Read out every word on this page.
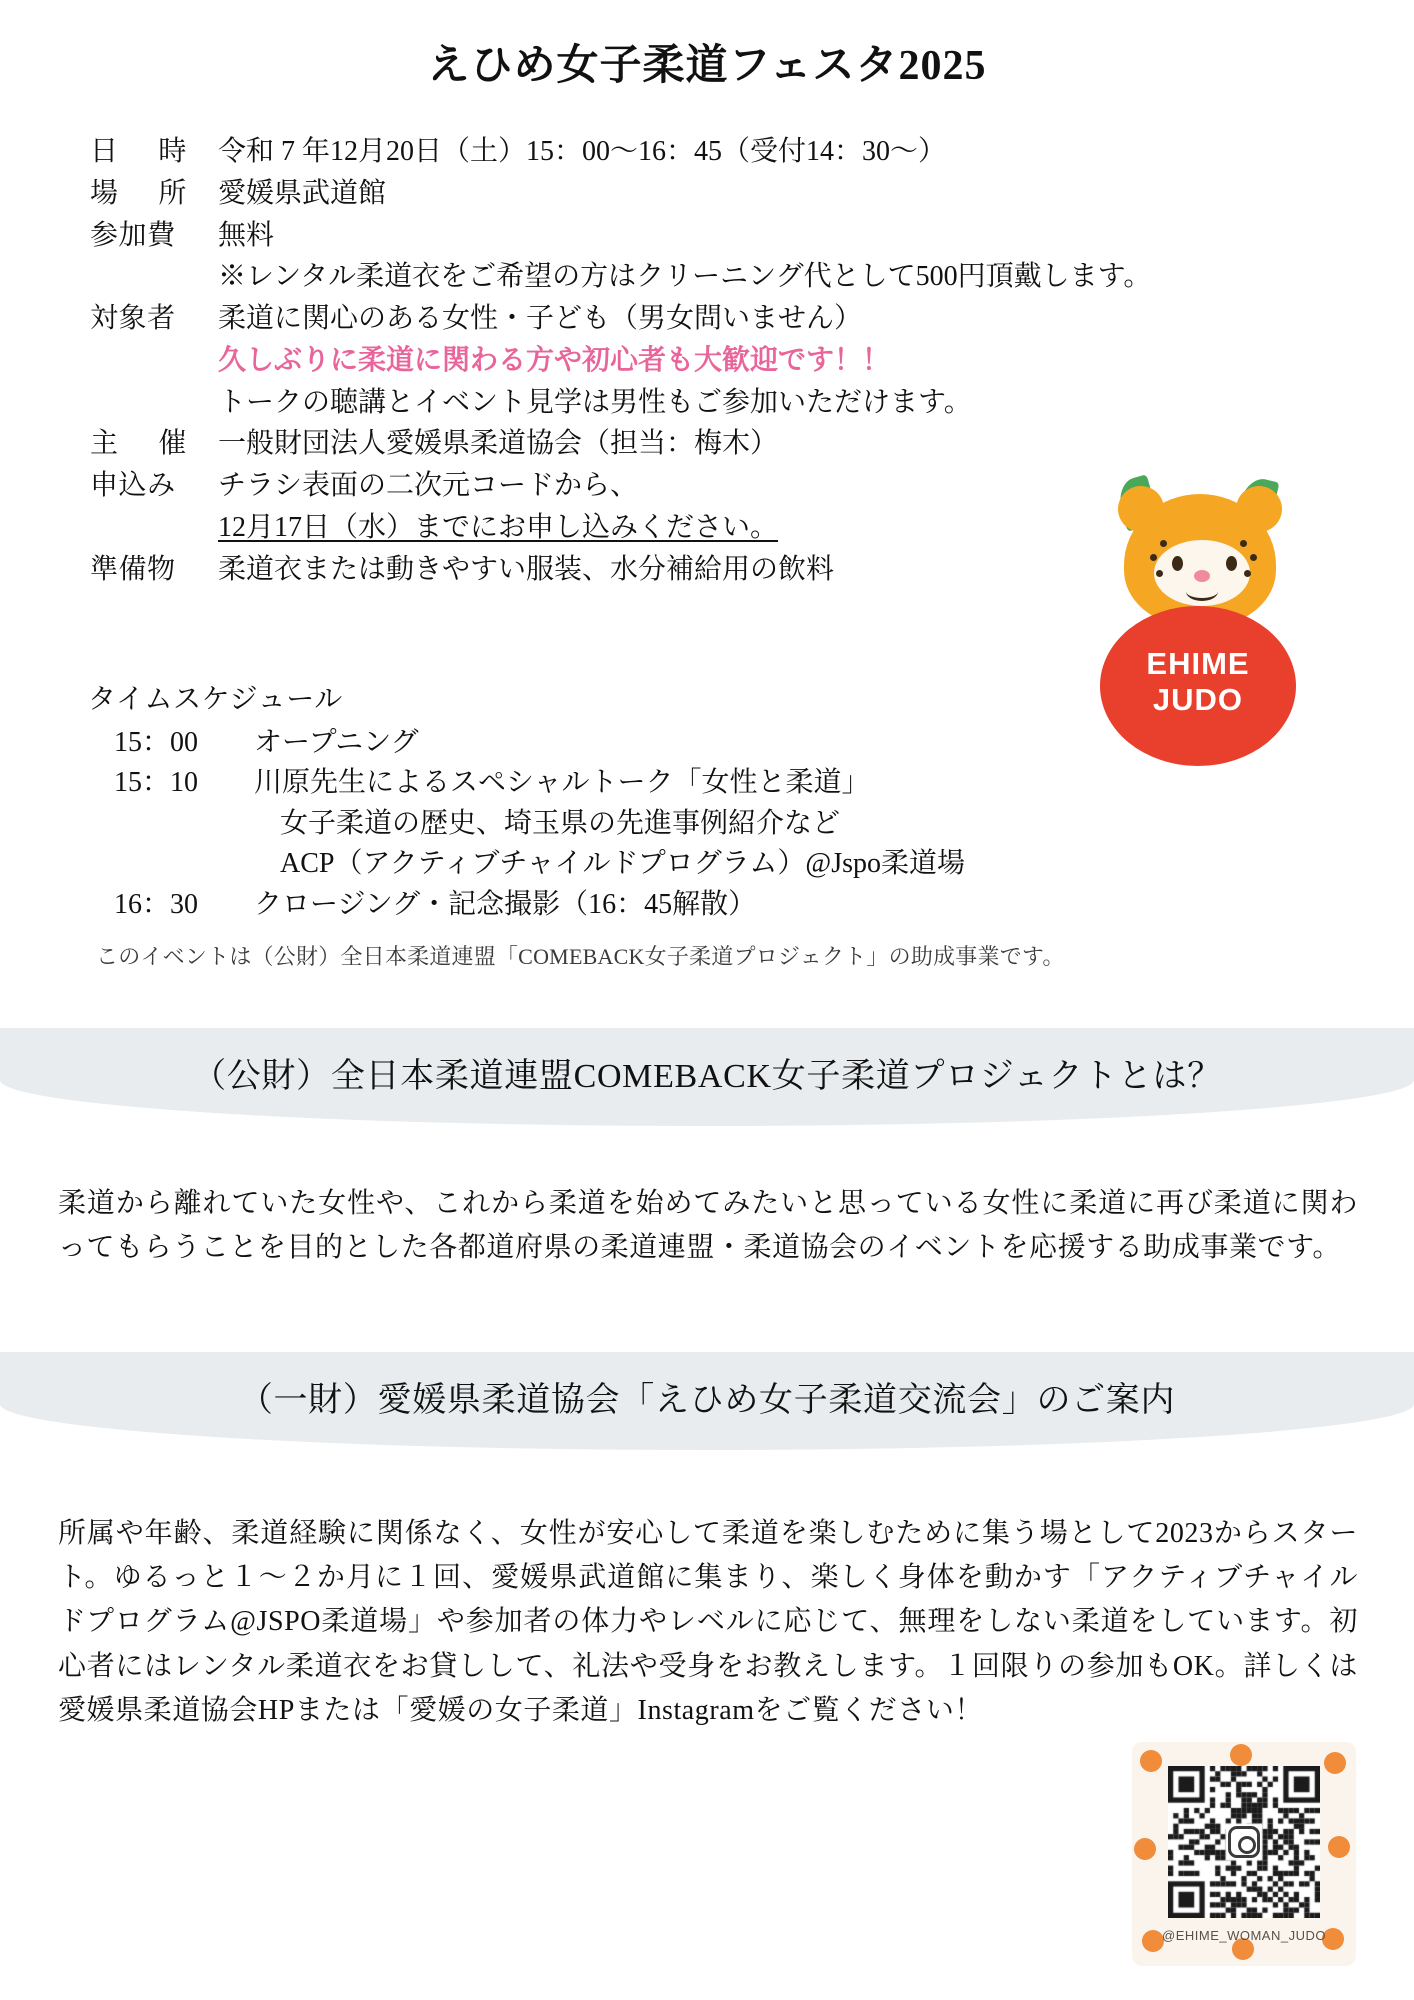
えひめ女子柔道フェスタ2025
日　時 令和 7 年12月20日（土）15：00〜16：45（受付14：30〜）
場　所 愛媛県武道館
参加費	無料
※レンタル柔道衣をご希望の方はクリーニング代として500円頂戴します。
対象者	柔道に関心のある女性・子ども（男女問いません）
久しぶりに柔道に関わる方や初心者も大歓迎です！！
トークの聴講とイベント見学は男性もご参加いただけます。
主　催 一般財団法人愛媛県柔道協会（担当：梅木）
申込み	チラシ表面の二次元コードから、
12月17日（水）までにお申し込みください。
準備物	柔道衣または動きやすい服装、水分補給用の飲料
EHIME
JUDO
タイムスケジュール
15：00	オープニング
15：10	川原先生によるスペシャルトーク「女性と柔道」
女子柔道の歴史、埼玉県の先進事例紹介など
ACP（アクティブチャイルドプログラム）@Jspo柔道場
16：30	クロージング・記念撮影（16：45解散）
このイベントは（公財）全日本柔道連盟「COMEBACK女子柔道プロジェクト」の助成事業です。
（公財）全日本柔道連盟COMEBACK女子柔道プロジェクトとは？
柔道から離れていた女性や、これから柔道を始めてみたいと思っている女性に柔道に再び柔道に関わってもらうことを目的とした各都道府県の柔道連盟・柔道協会のイベントを応援する助成事業です。
（一財）愛媛県柔道協会「えひめ女子柔道交流会」のご案内
所属や年齢、柔道経験に関係なく、女性が安心して柔道を楽しむために集う場として2023からスタート。ゆるっと１〜２か月に１回、愛媛県武道館に集まり、楽しく身体を動かす「アクティブチャイルドプログラム@JSPO柔道場」や参加者の体力やレベルに応じて、無理をしない柔道をしています。初心者にはレンタル柔道衣をお貸しして、礼法や受身をお教えします。１回限りの参加もOK。詳しくは愛媛県柔道協会HPまたは「愛媛の女子柔道」Instagramをご覧ください！
@EHIME_WOMAN_JUDO
